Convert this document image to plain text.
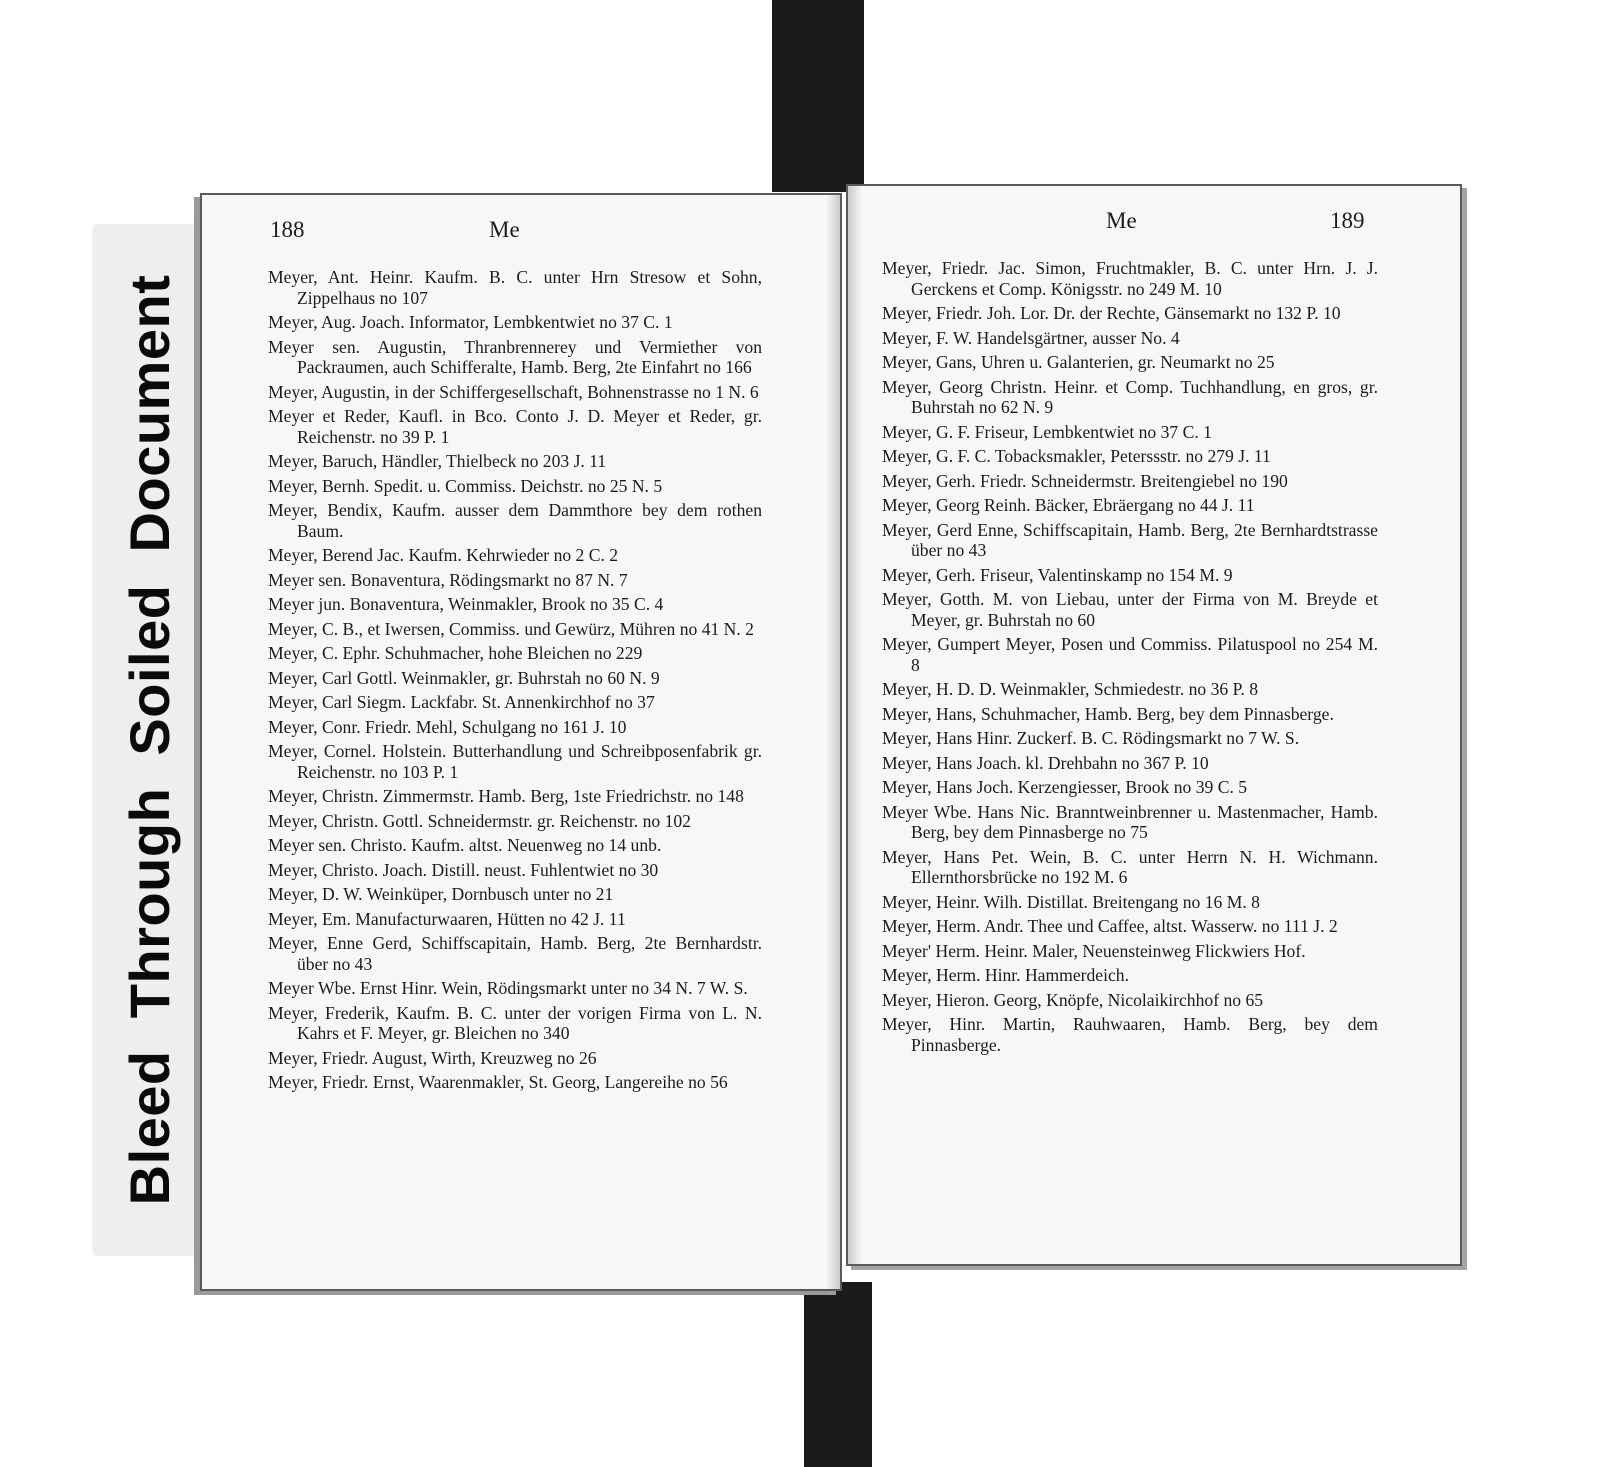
Bleed  Through  Soiled  Document
188	Me
Meyer, Ant. Heinr. Kaufm. B. C. unter Hrn Stresow et Sohn, Zippelhaus no 107
Meyer, Aug. Joach. Informator, Lembkentwiet no 37 C. 1
Meyer sen. Augustin, Thranbrennerey und Vermiether von Packraumen, auch Schifferalte, Hamb. Berg, 2te Einfahrt no 166
Meyer, Augustin, in der Schiffergesellschaft, Bohnenstrasse no 1 N. 6
Meyer et Reder, Kaufl. in Bco. Conto J. D. Meyer et Reder, gr. Reichenstr. no 39 P. 1
Meyer, Baruch, Händler, Thielbeck no 203 J. 11
Meyer, Bernh. Spedit. u. Commiss. Deichstr. no 25 N. 5
Meyer, Bendix, Kaufm. ausser dem Dammthore bey dem rothen Baum.
Meyer, Berend Jac. Kaufm. Kehrwieder no 2 C. 2
Meyer sen. Bonaventura, Rödingsmarkt no 87 N. 7
Meyer jun. Bonaventura, Weinmakler, Brook no 35 C. 4
Meyer, C. B., et Iwersen, Commiss. und Gewürz, Mühren no 41 N. 2
Meyer, C. Ephr. Schuhmacher, hohe Bleichen no 229
Meyer, Carl Gottl. Weinmakler, gr. Buhrstah no 60 N. 9
Meyer, Carl Siegm. Lackfabr. St. Annenkirchhof no 37
Meyer, Conr. Friedr. Mehl, Schulgang no 161 J. 10
Meyer, Cornel. Holstein. Butterhandlung und Schreibposenfabrik gr. Reichenstr. no 103 P. 1
Meyer, Christn. Zimmermstr. Hamb. Berg, 1ste Friedrichstr. no 148
Meyer, Christn. Gottl. Schneidermstr. gr. Reichenstr. no 102
Meyer sen. Christo. Kaufm. altst. Neuenweg no 14 unb.
Meyer, Christo. Joach. Distill. neust. Fuhlentwiet no 30
Meyer, D. W. Weinküper, Dornbusch unter no 21
Meyer, Em. Manufacturwaaren, Hütten no 42 J. 11
Meyer, Enne Gerd, Schiffscapitain, Hamb. Berg, 2te Bernhardstr. über no 43
Meyer Wbe. Ernst Hinr. Wein, Rödingsmarkt unter no 34 N. 7 W. S.
Meyer, Frederik, Kaufm. B. C. unter der vorigen Firma von L. N. Kahrs et F. Meyer, gr. Bleichen no 340
Meyer, Friedr. August, Wirth, Kreuzweg no 26
Meyer, Friedr. Ernst, Waarenmakler, St. Georg, Langereihe no 56
Me	189
Meyer, Friedr. Jac. Simon, Fruchtmakler, B. C. unter Hrn. J. J. Gerckens et Comp. Königsstr. no 249 M. 10
Meyer, Friedr. Joh. Lor. Dr. der Rechte, Gänsemarkt no 132 P. 10
Meyer, F. W. Handelsgärtner, ausser No. 4
Meyer, Gans, Uhren u. Galanterien, gr. Neumarkt no 25
Meyer, Georg Christn. Heinr. et Comp. Tuchhandlung, en gros, gr. Buhrstah no 62 N. 9
Meyer, G. F. Friseur, Lembkentwiet no 37 C. 1
Meyer, G. F. C. Tobacksmakler, Peterssstr. no 279 J. 11
Meyer, Gerh. Friedr. Schneidermstr. Breitengiebel no 190
Meyer, Georg Reinh. Bäcker, Ebräergang no 44 J. 11
Meyer, Gerd Enne, Schiffscapitain, Hamb. Berg, 2te Bernhardtstrasse über no 43
Meyer, Gerh. Friseur, Valentinskamp no 154 M. 9
Meyer, Gotth. M. von Liebau, unter der Firma von M. Breyde et Meyer, gr. Buhrstah no 60
Meyer, Gumpert Meyer, Posen und Commiss. Pilatuspool no 254 M. 8
Meyer, H. D. D. Weinmakler, Schmiedestr. no 36 P. 8
Meyer, Hans, Schuhmacher, Hamb. Berg, bey dem Pinnasberge.
Meyer, Hans Hinr. Zuckerf. B. C. Rödingsmarkt no 7 W. S.
Meyer, Hans Joach. kl. Drehbahn no 367 P. 10
Meyer, Hans Joch. Kerzengiesser, Brook no 39 C. 5
Meyer Wbe. Hans Nic. Branntweinbrenner u. Mastenmacher, Hamb. Berg, bey dem Pinnasberge no 75
Meyer, Hans Pet. Wein, B. C. unter Herrn N. H. Wichmann. Ellernthorsbrücke no 192 M. 6
Meyer, Heinr. Wilh. Distillat. Breitengang no 16 M. 8
Meyer, Herm. Andr. Thee und Caffee, altst. Wasserw. no 111 J. 2
Meyer' Herm. Heinr. Maler, Neuensteinweg Flickwiers Hof.
Meyer, Herm. Hinr. Hammerdeich.
Meyer, Hieron. Georg, Knöpfe, Nicolaikirchhof no 65
Meyer, Hinr. Martin, Rauhwaaren, Hamb. Berg, bey dem Pinnasberge.
